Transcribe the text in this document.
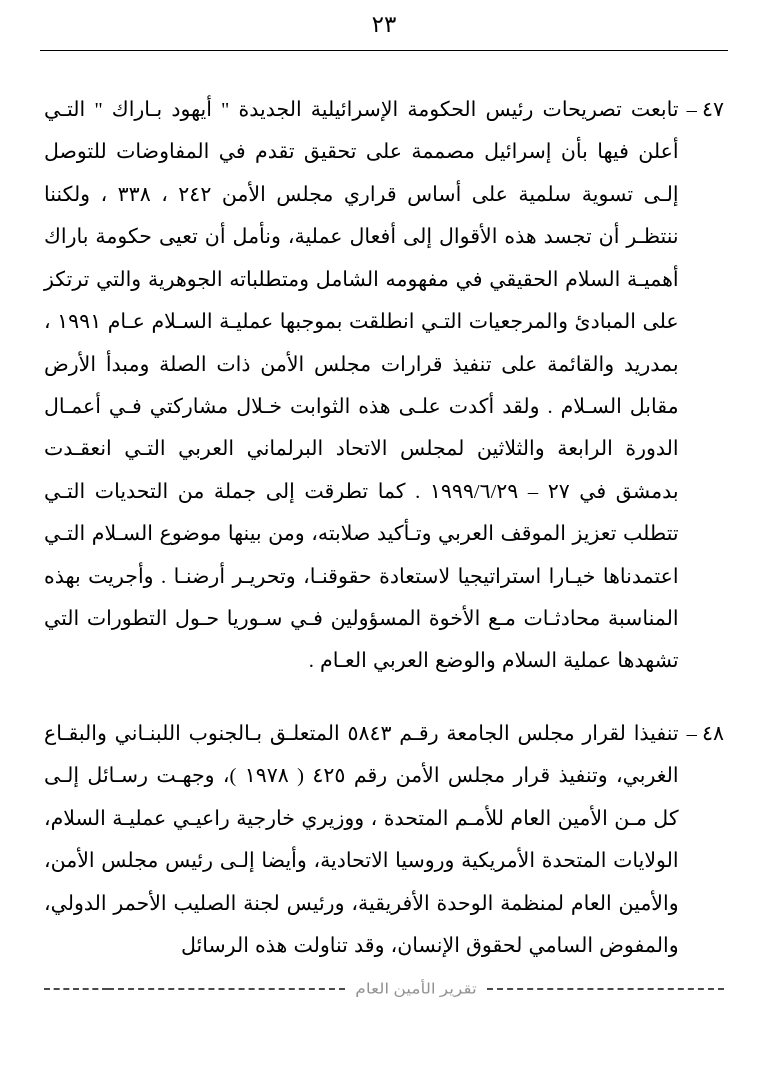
٢٣
٤٧ –
تابعت تصريحات رئيس الحكومة الإسرائيلية الجديدة " أيهود بـاراك " التـي أعلن فيها بأن إسرائيل مصممة على تحقيق تقدم في المفاوضات للتوصل إلـى تسوية سلمية على أساس قراري مجلس الأمن ٢٤٢ ، ٣٣٨ ، ولكننا ننتظـر أن تجسد هذه الأقوال إلى أفعال عملية، ونأمل أن تعيى حكومة باراك أهميـة السلام الحقيقي في مفهومه الشامل ومتطلباته الجوهرية والتي ترتكز على المبادئ والمرجعيات التـي انطلقت بموجبها عمليـة السـلام عـام ١٩٩١ ، بمدريد والقائمة على تنفيذ قرارات مجلس الأمن ذات الصلة ومبدأ الأرض مقابل السـلام . ولقد أكدت علـى هذه الثوابت خـلال مشاركتي فـي أعمـال الدورة الرابعة والثلاثين لمجلس الاتحاد البرلماني العربي التـي انعقـدت بدمشق في ٢٧ – ١٩٩٩/٦/٢٩ . كما تطرقت إلى جملة من التحديات التـي تتطلب تعزيز الموقف العربي وتـأكيد صلابته، ومن بينها موضوع السـلام التـي اعتمدناها خيـارا استراتيجيا لاستعادة حقوقنـا، وتحريـر أرضنـا . وأجريت بهذه المناسبة محادثـات مـع الأخوة المسؤولين فـي سـوريا حـول التطورات التي تشهدها عملية السلام والوضع العربي العـام .
٤٨ –
تنفيذا لقرار مجلس الجامعة رقـم ٥٨٤٣ المتعلـق بـالجنوب اللبنـاني والبقـاع الغربي، وتنفيذ قرار مجلس الأمن رقم ٤٢٥ ( ١٩٧٨ )، وجهـت رسـائل إلـى كل مـن الأمين العام للأمـم المتحدة ، ووزيري خارجية راعيـي عمليـة السلام، الولايات المتحدة الأمريكية وروسيا الاتحادية، وأيضا إلـى رئيس مجلس الأمن، والأمين العام لمنظمة الوحدة الأفريقية، ورئيس لجنة الصليب الأحمر الدولي، والمفوض السامي لحقوق الإنسان، وقد تناولت هذه الرسائل
تقرير الأمين العام
